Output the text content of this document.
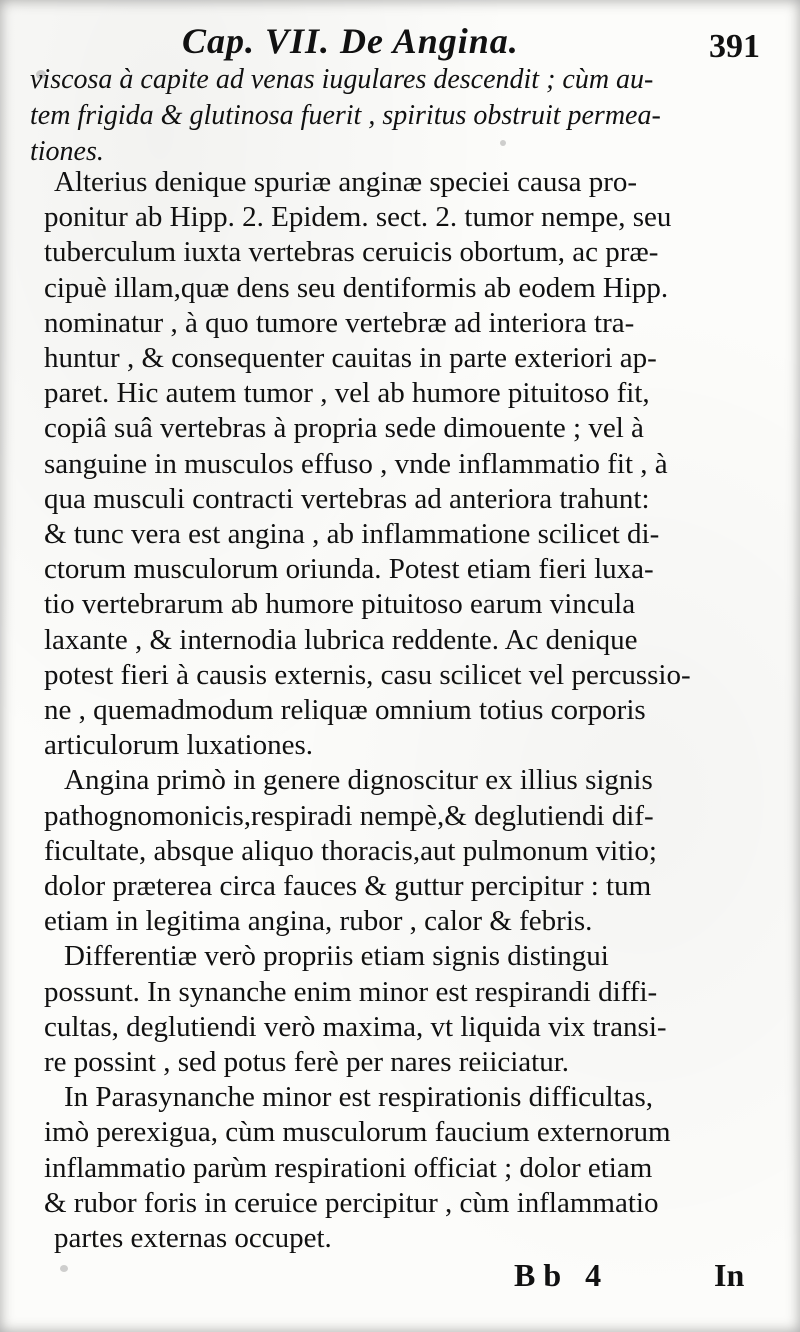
Cap. VII. De Angina.	391
viscosa à capite ad venas iugulares descendit ; cùm au-
tem frigida & glutinosa fuerit , spiritus obstruit permea-
tiones.
Alterius denique spuriæ anginæ speciei causa pro-
ponitur ab Hipp. 2. Epidem. sect. 2. tumor nempe, seu
tuberculum iuxta vertebras ceruicis obortum, ac præ-
cipuè illam,quæ dens seu dentiformis ab eodem Hipp.
nominatur , à quo tumore vertebræ ad interiora tra-
huntur , & consequenter cauitas in parte exteriori ap-
paret. Hic autem tumor , vel ab humore pituitoso fit,
copiâ suâ vertebras à propria sede dimouente ; vel à
sanguine in musculos effuso , vnde inflammatio fit , à
qua musculi contracti vertebras ad anteriora trahunt:
& tunc vera est angina , ab inflammatione scilicet di-
ctorum musculorum oriunda. Potest etiam fieri luxa-
tio vertebrarum ab humore pituitoso earum vincula
laxante , & internodia lubrica reddente. Ac denique
potest fieri à causis externis, casu scilicet vel percussio-
ne , quemadmodum reliquæ omnium totius corporis
articulorum luxationes.
Angina primò in genere dignoscitur ex illius signis
pathognomonicis,respiradi nempè,& deglutiendi dif-
ficultate, absque aliquo thoracis,aut pulmonum vitio;
dolor præterea circa fauces & guttur percipitur : tum
etiam in legitima angina, rubor , calor & febris.
Differentiæ verò propriis etiam signis distingui
possunt. In synanche enim minor est respirandi diffi-
cultas, deglutiendi verò maxima, vt liquida vix transi-
re possint , sed potus ferè per nares reiiciatur.
In Parasynanche minor est respirationis difficultas,
imò perexigua, cùm musculorum faucium externorum
inflammatio parùm respirationi officiat ; dolor etiam
& rubor foris in ceruice percipitur , cùm inflammatio
partes externas occupet.
Bb 4	In
